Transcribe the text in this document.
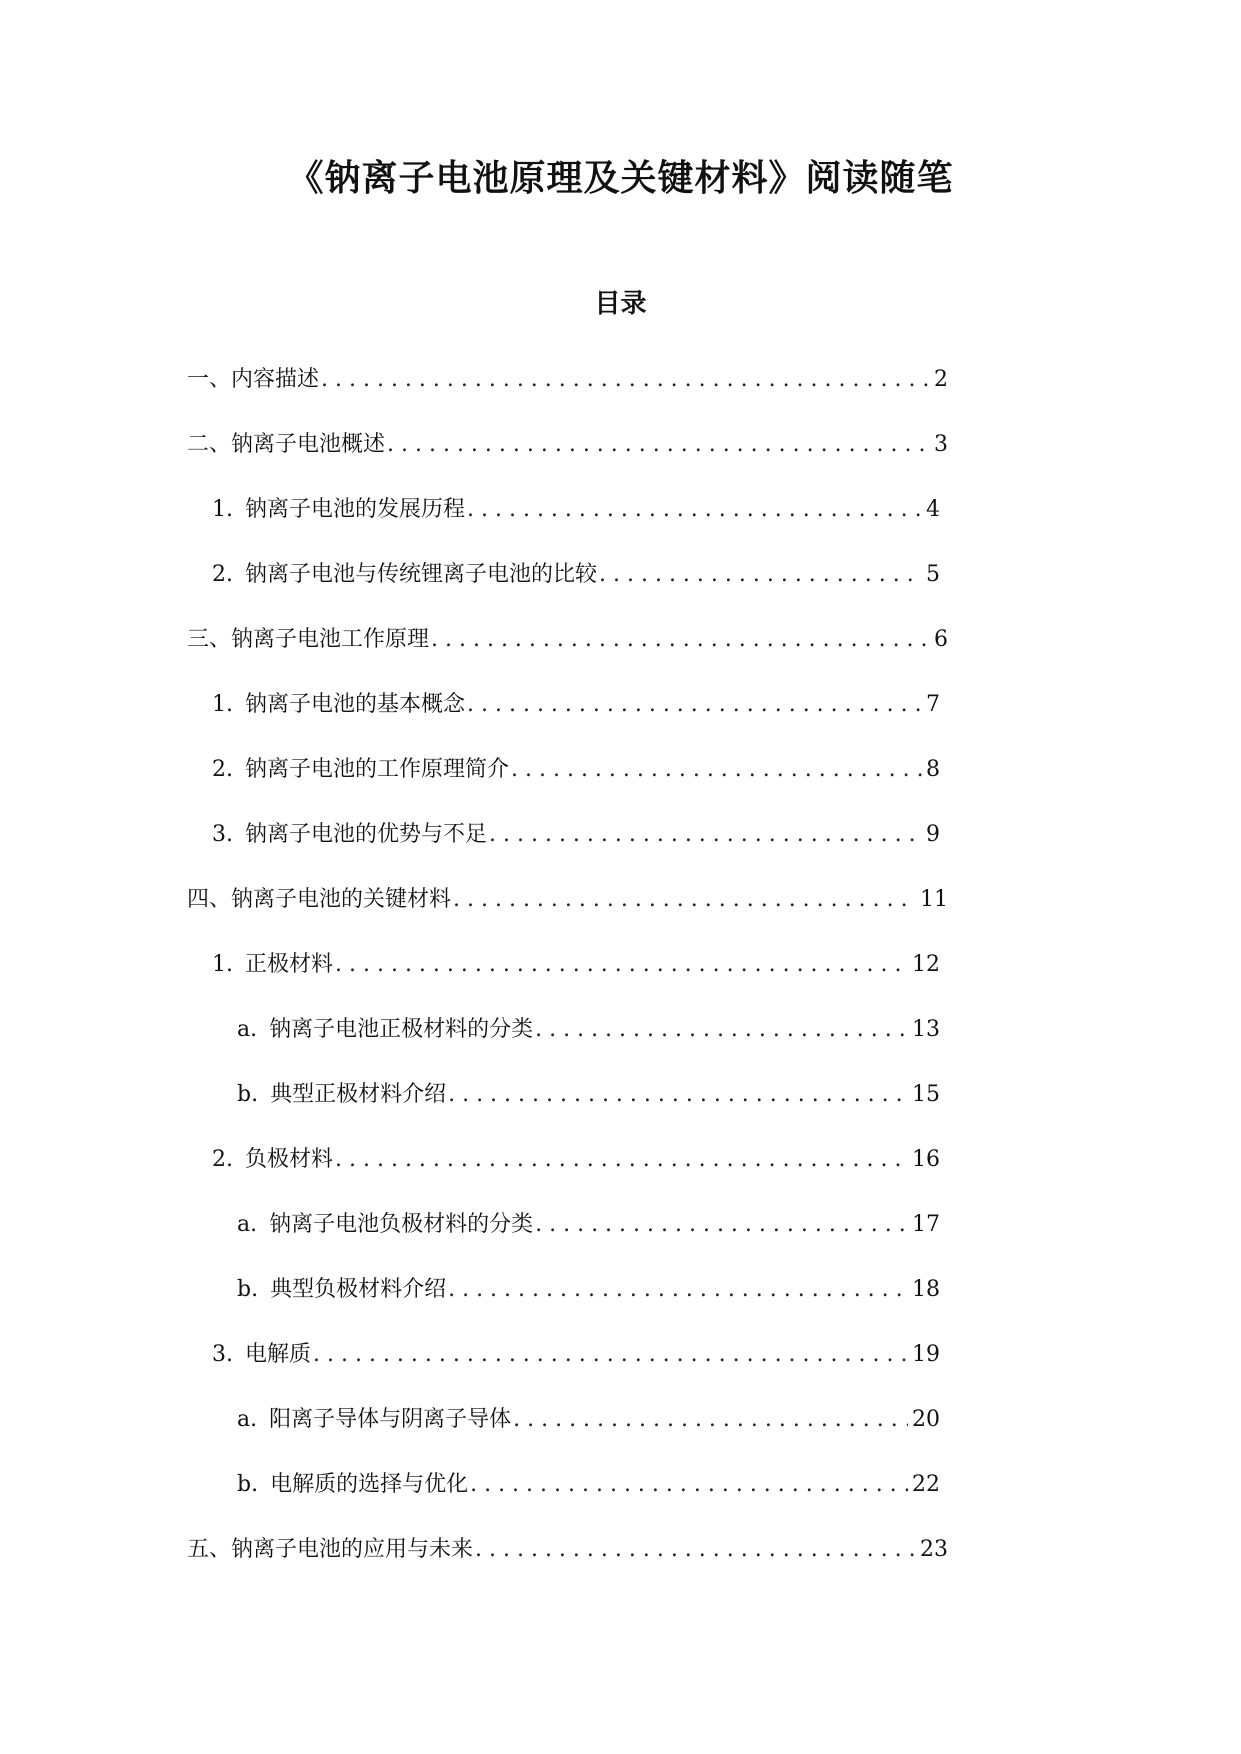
《钠离子电池原理及关键材料》阅读随笔
目录
一、内容描述 . . .	2
二、钠离子电池概述 . . .	3
1. 钠离子电池的发展历程 . . .	4
2. 钠离子电池与传统锂离子电池的比较 . . .	5
三、钠离子电池工作原理 . . .	6
1. 钠离子电池的基本概念 . . .	7
2. 钠离子电池的工作原理简介 . . .	8
3. 钠离子电池的优势与不足 . . .	9
四、钠离子电池的关键材料 . . .	11
1. 正极材料 . . .	12
a. 钠离子电池正极材料的分类 . . .	13
b. 典型正极材料介绍 . . .	15
2. 负极材料 . . .	16
a. 钠离子电池负极材料的分类 . . .	17
b. 典型负极材料介绍 . . .	18
3. 电解质 . . .	19
a. 阳离子导体与阴离子导体 . . .	20
b. 电解质的选择与优化 . . .	22
五、钠离子电池的应用与未来 . . .	23
